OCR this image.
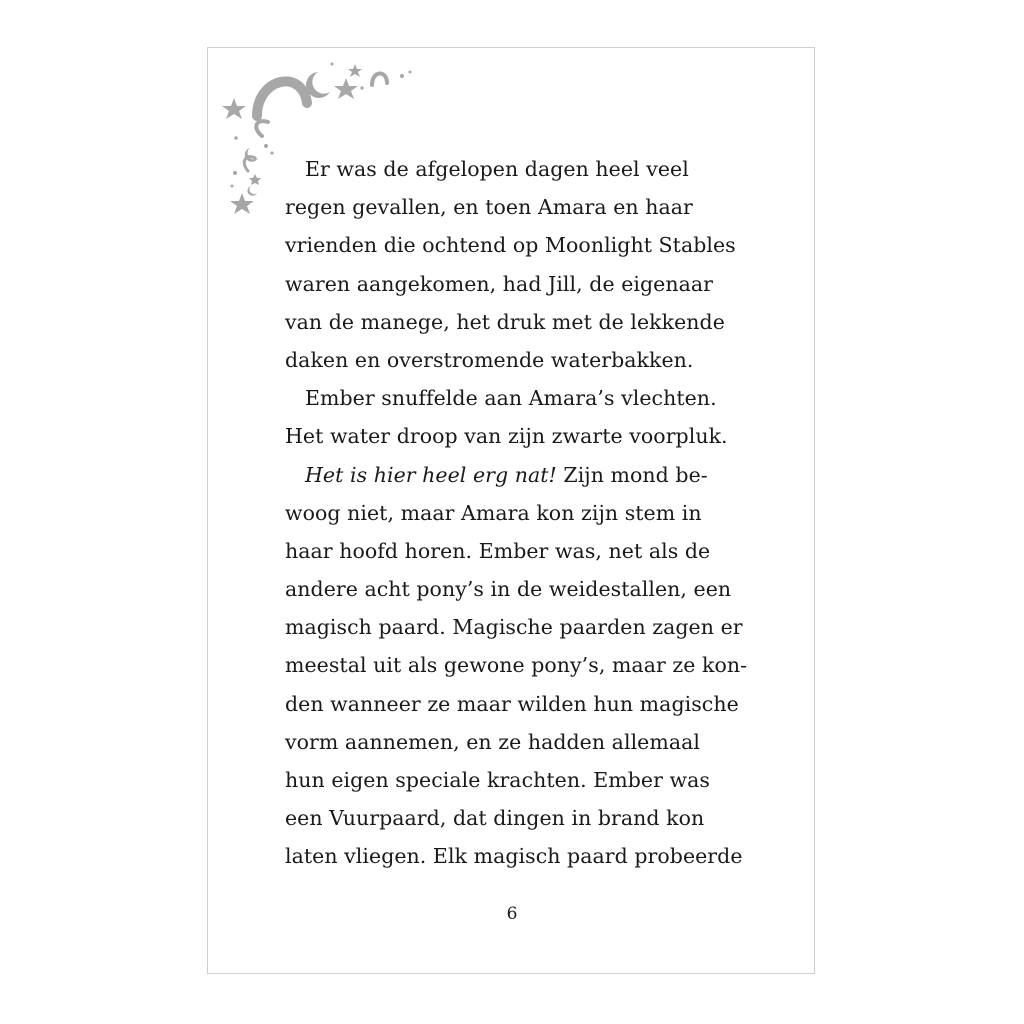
Er was de afgelopen dagen heel veel
regen gevallen, en toen Amara en haar
vrienden die ochtend op Moonlight Stables
waren aangekomen, had Jill, de eigenaar
van de manege, het druk met de lekkende
daken en overstromende waterbakken.
Ember snuffelde aan Amara’s vlechten.
Het water droop van zijn zwarte voorpluk.
Het is hier heel erg nat! Zijn mond be-
woog niet, maar Amara kon zijn stem in
haar hoofd horen. Ember was, net als de
andere acht pony’s in de weidestallen, een
magisch paard. Magische paarden zagen er
meestal uit als gewone pony’s, maar ze kon-
den wanneer ze maar wilden hun magische
vorm aannemen, en ze hadden allemaal
hun eigen speciale krachten. Ember was
een Vuurpaard, dat dingen in brand kon
laten vliegen. Elk magisch paard probeerde
6
